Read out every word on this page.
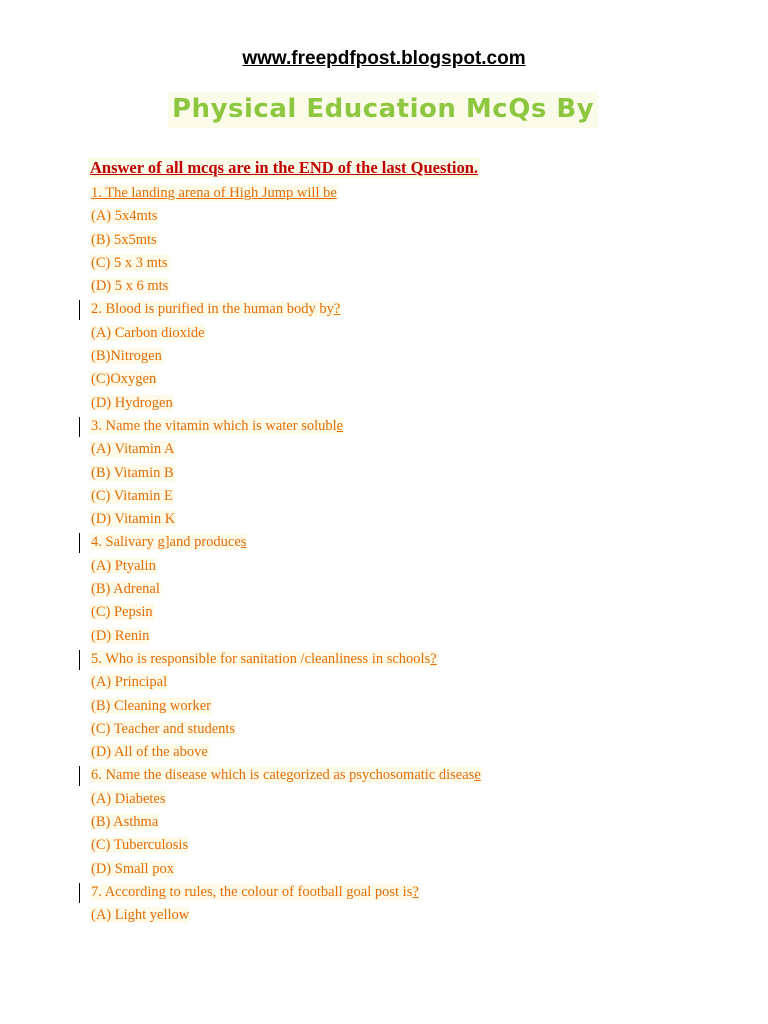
www.freepdfpost.blogspot.com
Physical Education McQs By
Answer of all mcqs are in the END of the last Question.
1. The landing arena of High Jump will be
(A) 5x4mts
(B) 5x5mts
(C) 5 x 3 mts
(D) 5 x 6 mts
2. Blood is purified in the human body by?
(A) Carbon dioxide
(B)Nitrogen
(C)Oxygen
(D) Hydrogen
3. Name the vitamin which is water soluble
(A) Vitamin A
(B) Vitamin B
(C) Vitamin E
(D) Vitamin K
4. Salivary g]and produces
(A) Ptyalin
(B) Adrenal
(C) Pepsin
(D) Renin
5. Who is responsible for sanitation /cleanliness in schools?
(A) Principal
(B) Cleaning worker
(C) Teacher and students
(D) All of the above
6. Name the disease which is categorized as psychosomatic disease
(A) Diabetes
(B) Asthma
(C) Tuberculosis
(D) Small pox
7. According to rules, the colour of football goal post is?
(A) Light yellow
